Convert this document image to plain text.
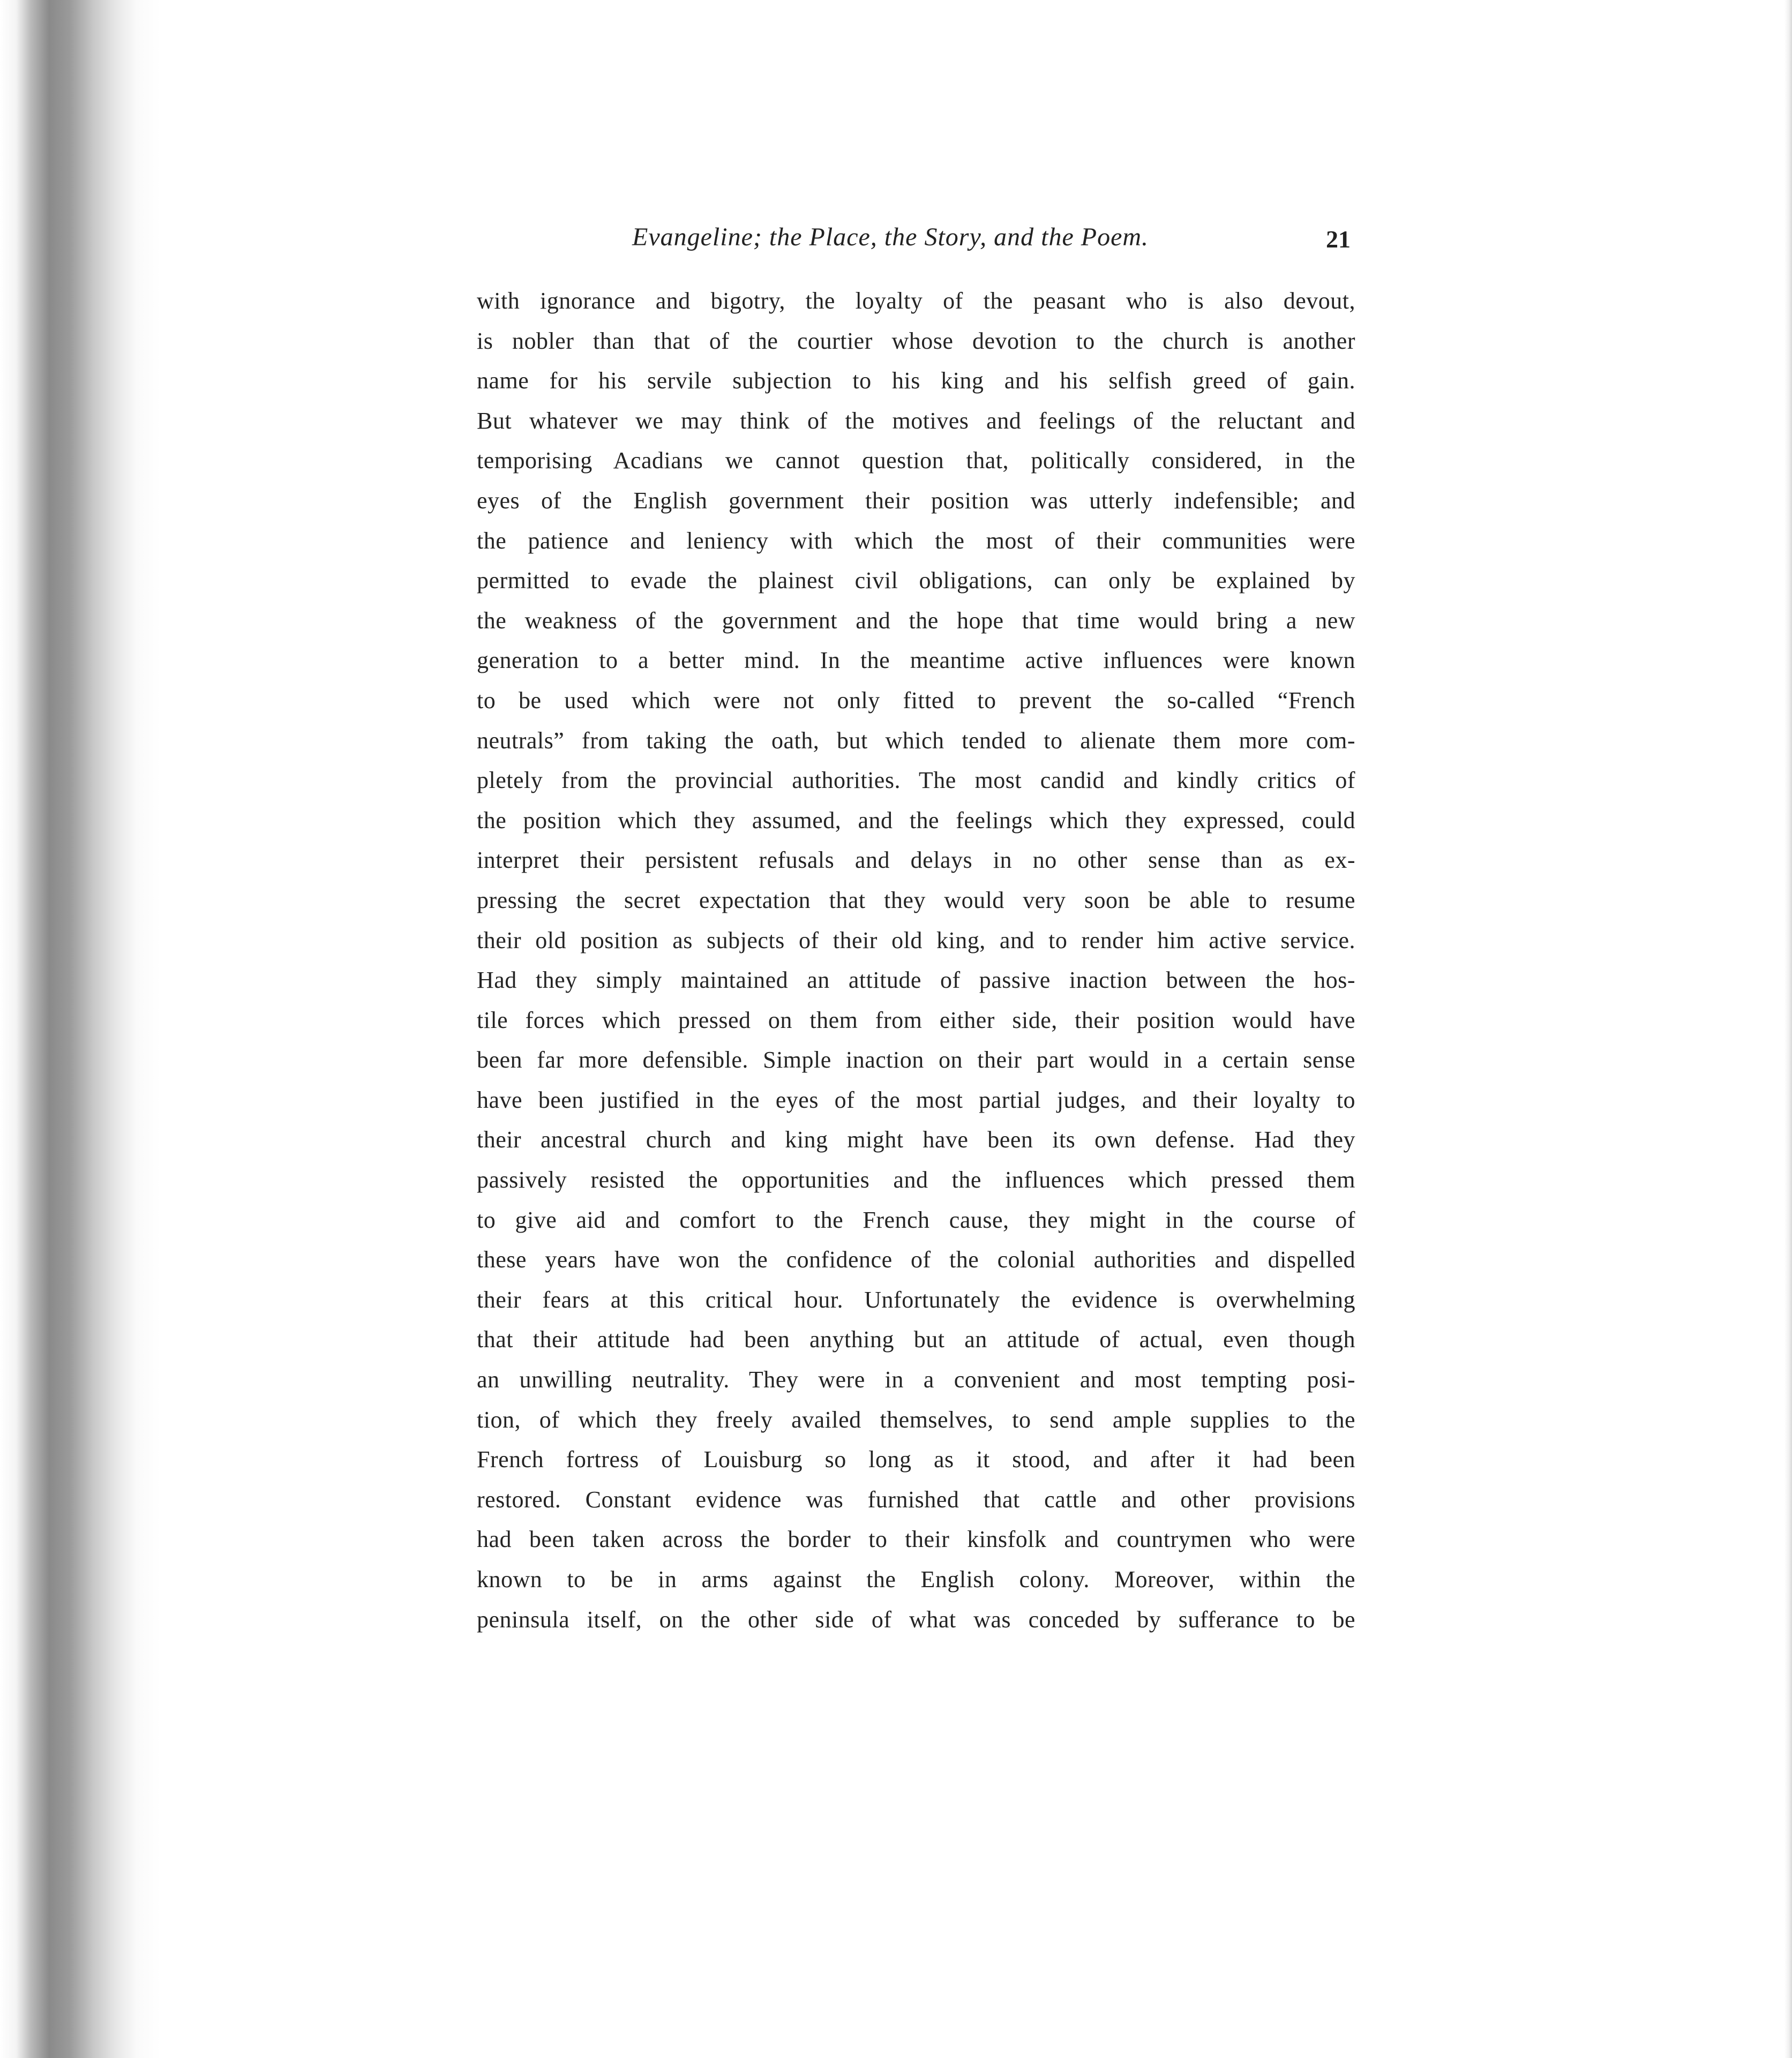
Evangeline; the Place, the Story, and the Poem.	21
with ignorance and bigotry, the loyalty of the peasant who is also devout,
is nobler than that of the courtier whose devotion to the church is another
name for his servile subjection to his king and his selfish greed of gain.
But whatever we may think of the motives and feelings of the reluctant and
temporising Acadians we cannot question that, politically considered, in the
eyes of the English government their position was utterly indefensible; and
the patience and leniency with which the most of their communities were
permitted to evade the plainest civil obligations, can only be explained by
the weakness of the government and the hope that time would bring a new
generation to a better mind. In the meantime active influences were known
to be used which were not only fitted to prevent the so-called “French
neutrals” from taking the oath, but which tended to alienate them more com-
pletely from the provincial authorities. The most candid and kindly critics of
the position which they assumed, and the feelings which they expressed, could
interpret their persistent refusals and delays in no other sense than as ex-
pressing the secret expectation that they would very soon be able to resume
their old position as subjects of their old king, and to render him active service.
Had they simply maintained an attitude of passive inaction between the hos-
tile forces which pressed on them from either side, their position would have
been far more defensible. Simple inaction on their part would in a certain sense
have been justified in the eyes of the most partial judges, and their loyalty to
their ancestral church and king might have been its own defense. Had they
passively resisted the opportunities and the influences which pressed them
to give aid and comfort to the French cause, they might in the course of
these years have won the confidence of the colonial authorities and dispelled
their fears at this critical hour. Unfortunately the evidence is overwhelming
that their attitude had been anything but an attitude of actual, even though
an unwilling neutrality. They were in a convenient and most tempting posi-
tion, of which they freely availed themselves, to send ample supplies to the
French fortress of Louisburg so long as it stood, and after it had been
restored. Constant evidence was furnished that cattle and other provisions
had been taken across the border to their kinsfolk and countrymen who were
known to be in arms against the English colony. Moreover, within the
peninsula itself, on the other side of what was conceded by sufferance to be
